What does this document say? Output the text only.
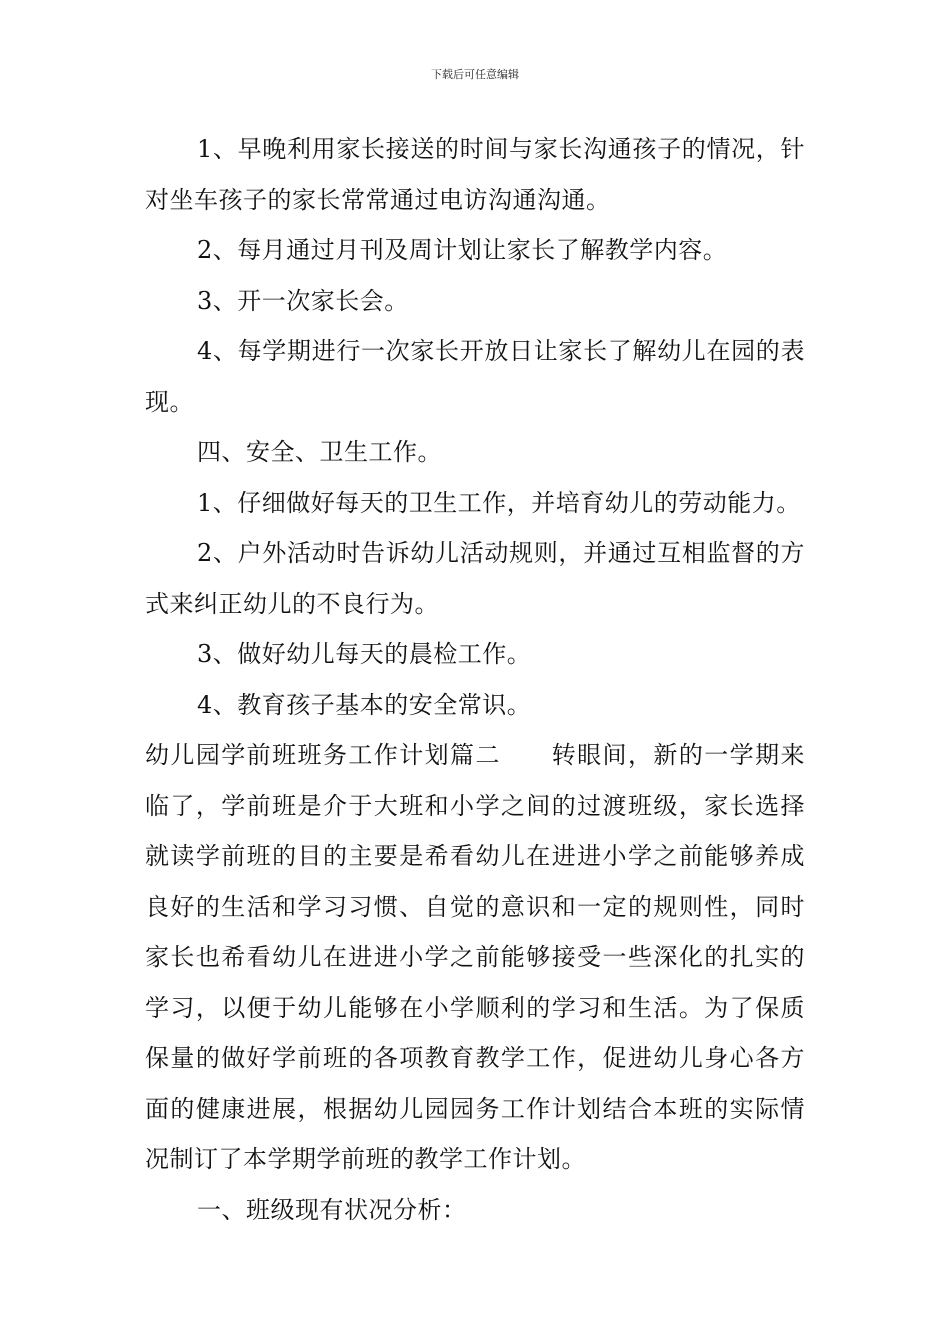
下载后可任意编辑

1、早晚利用家长接送的时间与家长沟通孩子的情况，针对坐车孩子的家长常常通过电访沟通沟通。

2、每月通过月刊及周计划让家长了解教学内容。

3、开一次家长会。

4、每学期进行一次家长开放日让家长了解幼儿在园的表现。

四、安全、卫生工作。

1、仔细做好每天的卫生工作，并培育幼儿的劳动能力。

2、户外活动时告诉幼儿活动规则，并通过互相监督的方式来纠正幼儿的不良行为。

3、做好幼儿每天的晨检工作。

4、教育孩子基本的安全常识。

幼儿园学前班班务工作计划篇二　　转眼间，新的一学期来临了，学前班是介于大班和小学之间的过渡班级，家长选择就读学前班的目的主要是希看幼儿在进进小学之前能够养成良好的生活和学习习惯、自觉的意识和一定的规则性，同时家长也希看幼儿在进进小学之前能够接受一些深化的扎实的学习，以便于幼儿能够在小学顺利的学习和生活。为了保质保量的做好学前班的各项教育教学工作，促进幼儿身心各方面的健康进展，根据幼儿园园务工作计划结合本班的实际情况制订了本学期学前班的教学工作计划。

一、班级现有状况分析：
